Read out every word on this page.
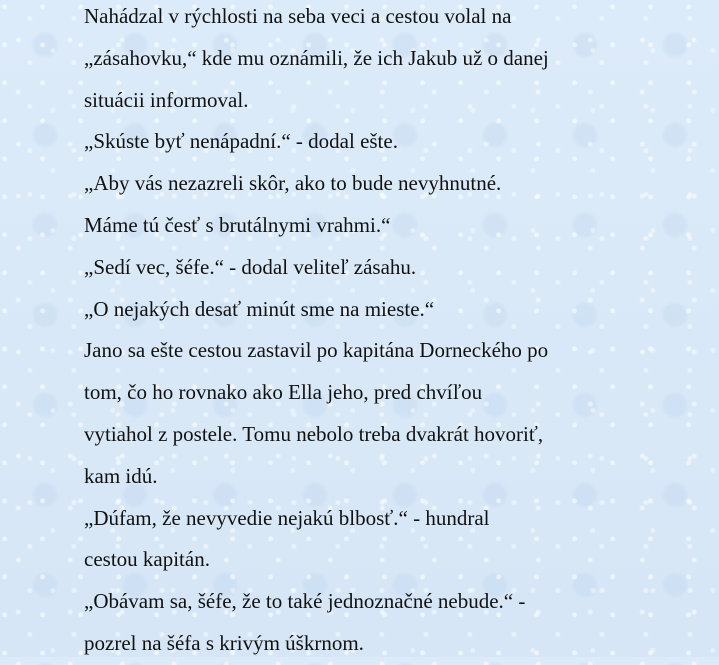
Nahádzal v rýchlosti na seba veci a cestou volal na

„zásahovku,“ kde mu oznámili, že ich Jakub už o danej

situácii informoval.

„Skúste byť nenápadní.“ - dodal ešte.

„Aby vás nezazreli skôr, ako to bude nevyhnutné.

Máme tú česť s brutálnymi vrahmi.“

„Sedí vec, šéfe.“ - dodal veliteľ zásahu.

„O nejakých desať minút sme na mieste.“

Jano sa ešte cestou zastavil po kapitána Dorneckého po

tom, čo ho rovnako ako Ella jeho, pred chvíľou

vytiahol z postele. Tomu nebolo treba dvakrát hovoriť,

kam idú.

„Dúfam, že nevyvedie nejakú blbosť.“ - hundral

cestou kapitán.

„Obávam sa, šéfe, že to také jednoznačné nebude.“ -

pozrel na šéfa s krivým úškrnom.
